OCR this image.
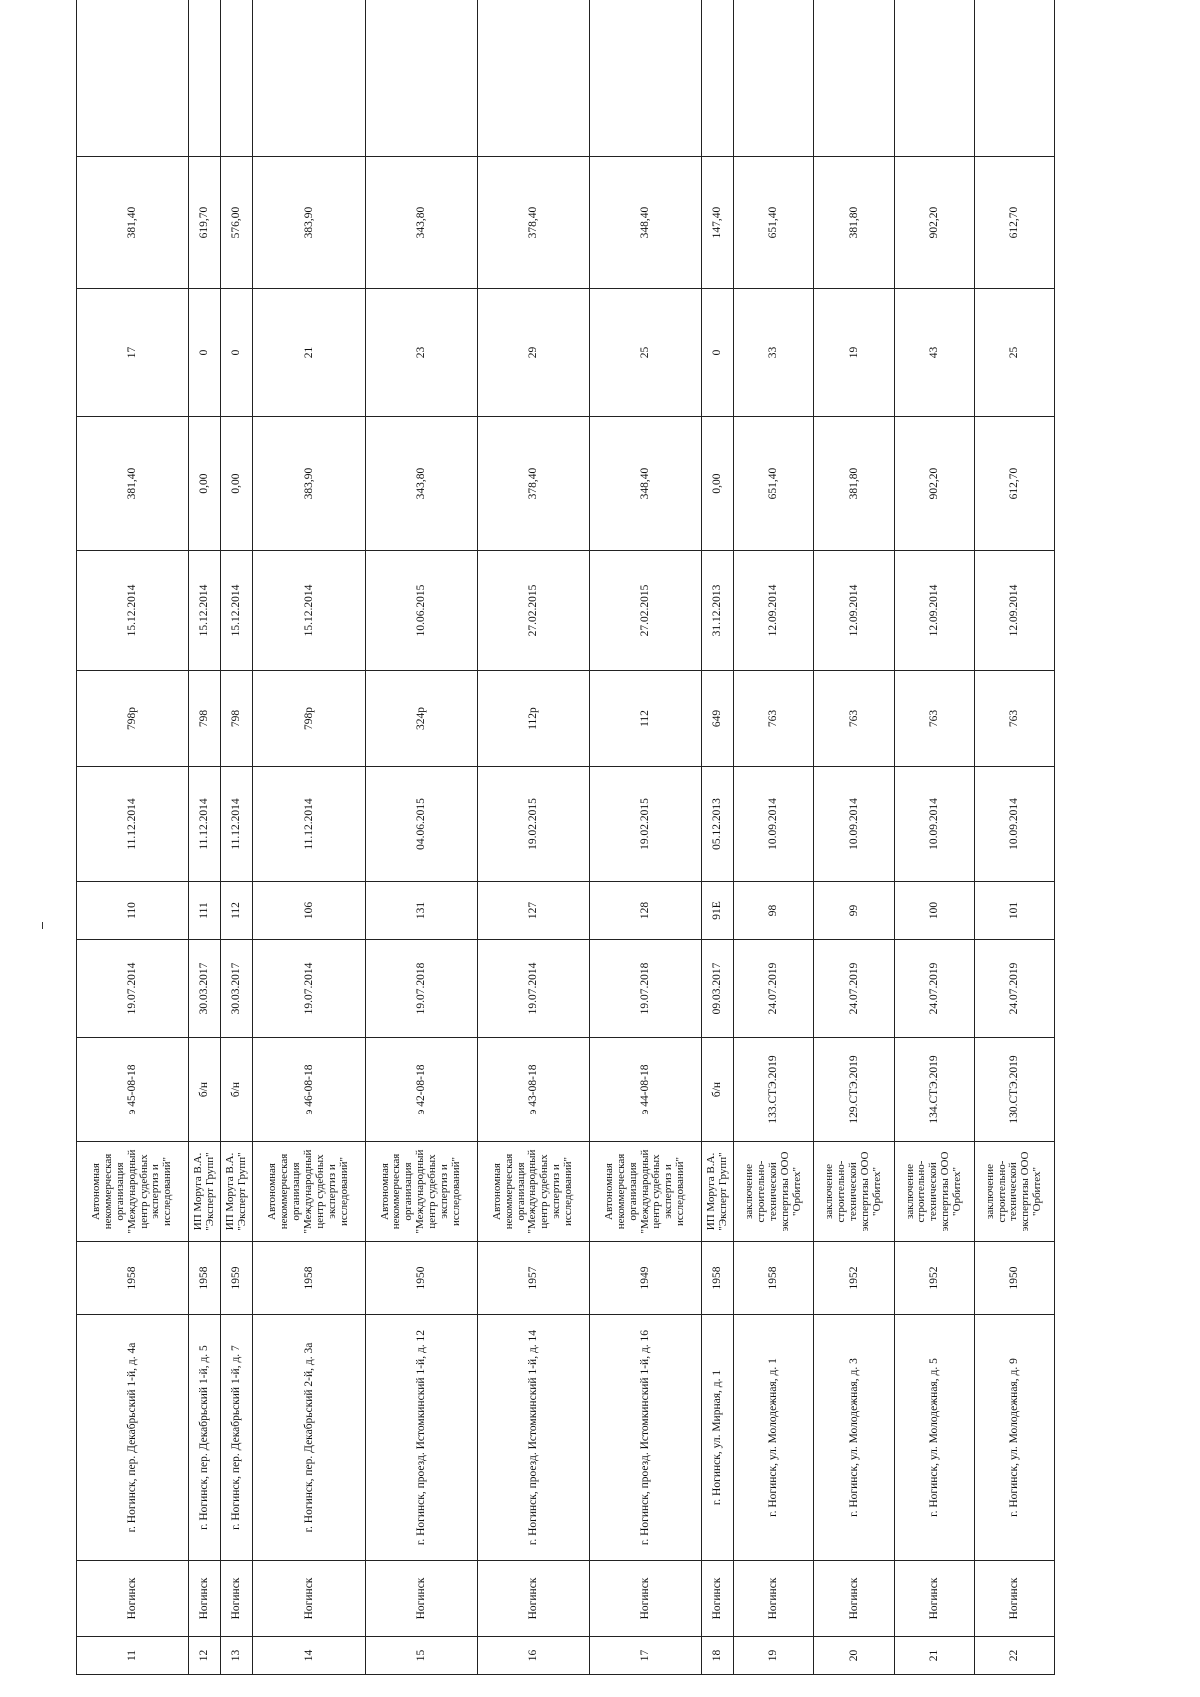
11	Ногинск	г. Ногинск, пер. Декабрьский 1-й, д. 4а	1958	Автономная некоммерческая организация "Международный центр судебных экспертиз и исследований"	э 45-08-18	19.07.2014	110	11.12.2014	798р	15.12.2014	381,40	17	381,40	
12	Ногинск	г. Ногинск, пер. Декабрьский 1-й, д. 5	1958	ИП Моруга В.А. "Эксперт Групп"	б/н	30.03.2017	111	11.12.2014	798	15.12.2014	0,00	0	619,70	
13	Ногинск	г. Ногинск, пер. Декабрьский 1-й, д. 7	1959	ИП Моруга В.А. "Эксперт Групп"	б/н	30.03.2017	112	11.12.2014	798	15.12.2014	0,00	0	576,00	
14	Ногинск	г. Ногинск, пер. Декабрьский 2-й, д. 3а	1958	Автономная некоммерческая организация "Международный центр судебных экспертиз и исследований"	э 46-08-18	19.07.2014	106	11.12.2014	798р	15.12.2014	383,90	21	383,90	
15	Ногинск	г. Ногинск, проезд. Истомкинский 1-й, д. 12	1950	Автономная некоммерческая организация "Международный центр судебных экспертиз и исследований"	э 42-08-18	19.07.2018	131	04.06.2015	324р	10.06.2015	343,80	23	343,80	
16	Ногинск	г. Ногинск, проезд. Истомкинский 1-й, д. 14	1957	Автономная некоммерческая организация "Международный центр судебных экспертиз и исследований"	э 43-08-18	19.07.2014	127	19.02.2015	112р	27.02.2015	378,40	29	378,40	
17	Ногинск	г. Ногинск, проезд. Истомкинский 1-й, д. 16	1949	Автономная некоммерческая организация "Международный центр судебных экспертиз и исследований"	э 44-08-18	19.07.2018	128	19.02.2015	112	27.02.2015	348,40	25	348,40	
18	Ногинск	г. Ногинск, ул. Мирная, д. 1	1958	ИП Моруга В.А. "Эксперт Групп"	б/н	09.03.2017	91Е	05.12.2013	649	31.12.2013	0,00	0	147,40	
19	Ногинск	г. Ногинск, ул. Молодежная, д. 1	1958	заключение строительно-технической экспертизы ООО "Орбитех"	133.СТЭ.2019	24.07.2019	98	10.09.2014	763	12.09.2014	651,40	33	651,40	
20	Ногинск	г. Ногинск, ул. Молодежная, д. 3	1952	заключение строительно-технической экспертизы ООО "Орбитех"	129.СТЭ.2019	24.07.2019	99	10.09.2014	763	12.09.2014	381,80	19	381,80	
21	Ногинск	г. Ногинск, ул. Молодежная, д. 5	1952	заключение строительно-технической экспертизы ООО "Орбитех"	134.СТЭ.2019	24.07.2019	100	10.09.2014	763	12.09.2014	902,20	43	902,20	
22	Ногинск	г. Ногинск, ул. Молодежная, д. 9	1950	заключение строительно-технической экспертизы ООО "Орбитех"	130.СТЭ.2019	24.07.2019	101	10.09.2014	763	12.09.2014	612,70	25	612,70	
